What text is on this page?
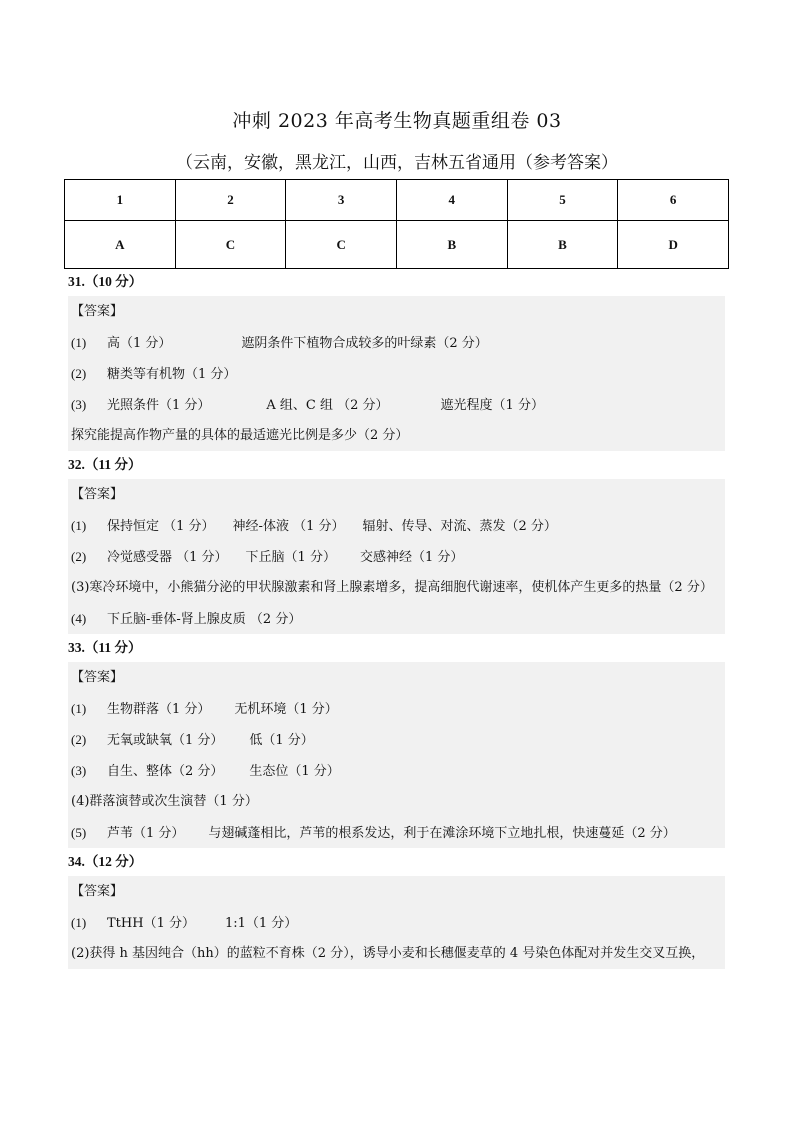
冲刺 2023 年高考生物真题重组卷 03
（云南，安徽，黑龙江，山西，吉林五省通用（参考答案）
1	2	3	4	5	6
A	C	C	B	B	D
31.（10 分）
【答案】
(1) 高（1 分）	遮阴条件下植物合成较多的叶绿素（2 分）
(2) 糖类等有机物（1 分）
(3) 光照条件（1 分）	A 组、C 组 （2 分）	遮光程度（1 分）
探究能提高作物产量的具体的最适遮光比例是多少（2 分）
32.（11 分）
【答案】
(1) 保持恒定 （1 分） 神经-体液 （1 分） 辐射、传导、对流、蒸发（2 分）
(2) 冷觉感受器 （1 分） 下丘脑（1 分） 交感神经（1 分）
(3)寒冷环境中，小熊猫分泌的甲状腺激素和肾上腺素增多，提高细胞代谢速率，使机体产生更多的热量（2 分）
(4) 下丘脑-垂体-肾上腺皮质 （2 分）
33.（11 分）
【答案】
(1) 生物群落（1 分） 无机环境（1 分）
(2) 无氧或缺氧（1 分） 低（1 分）
(3) 自生、整体（2 分） 生态位（1 分）
(4)群落演替或次生演替（1 分）
(5) 芦苇（1 分） 与翅碱蓬相比，芦苇的根系发达，利于在滩涂环境下立地扎根，快速蔓延（2 分）
34.（12 分）
【答案】
(1) TtHH（1 分） 1:1（1 分）
(2)获得 h 基因纯合（hh）的蓝粒不育株（2 分），诱导小麦和长穗偃麦草的 4 号染色体配对并发生交叉互换，
